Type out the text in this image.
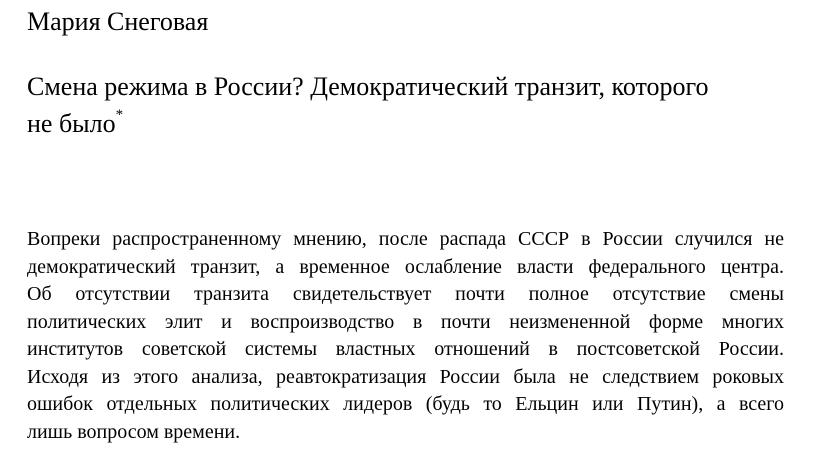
Мария Снеговая
Смена режима в России? Демократический транзит, которого
не было*
Вопреки распространенному мнению, после распада СССР в России случился не
демократический транзит, а временное ослабление власти федерального центра.
Об отсутствии транзита свидетельствует почти полное отсутствие смены
политических элит и воспроизводство в почти неизмененной форме многих
институтов советской системы властных отношений в постсоветской России.
Исходя из этого анализа, реавтократизация России была не следствием роковых
ошибок отдельных политических лидеров (будь то Ельцин или Путин), а всего
лишь вопросом времени.
